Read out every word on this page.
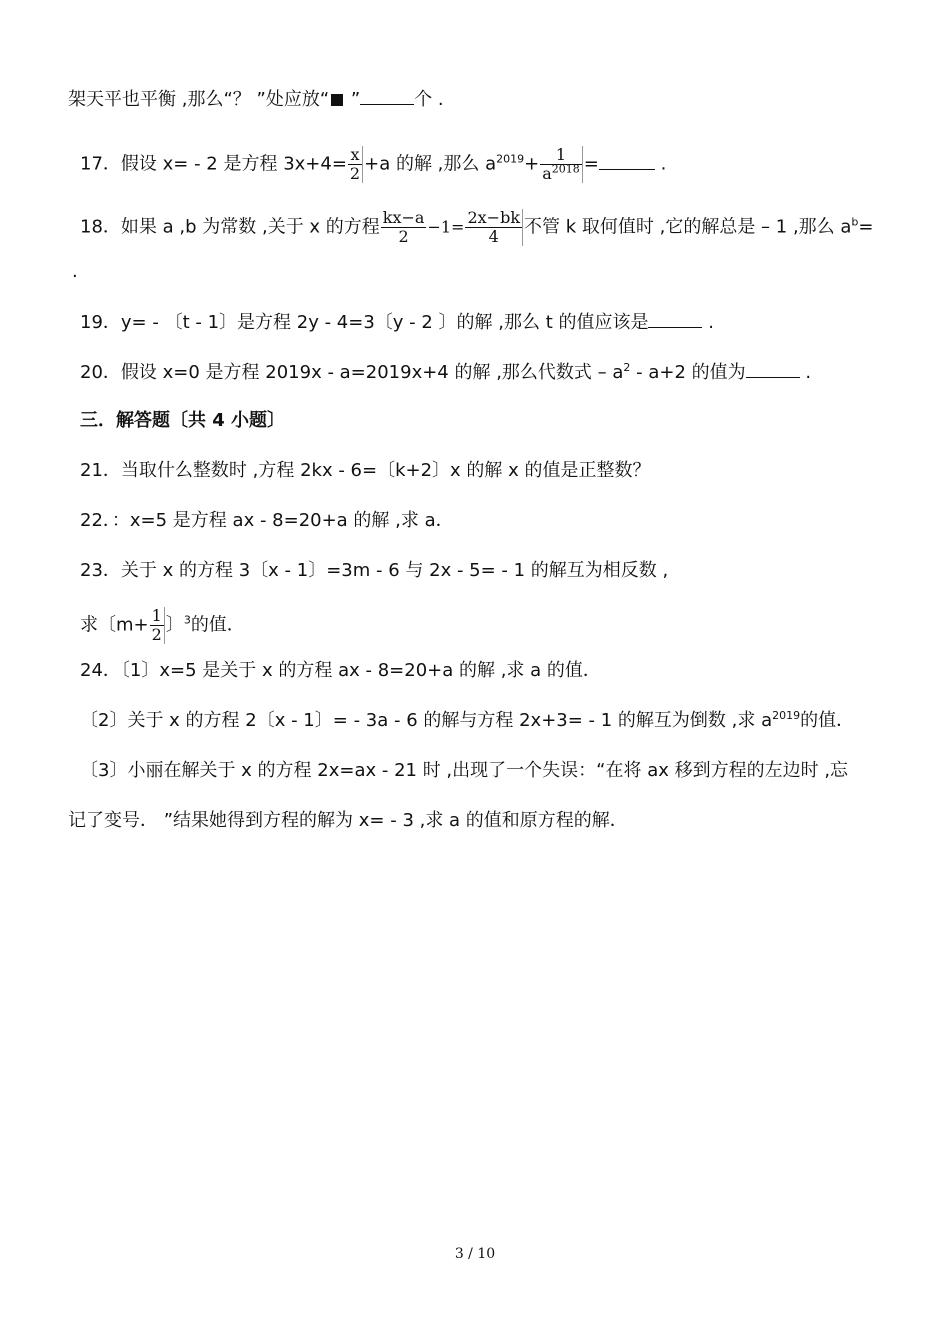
架天平也平衡 ,那么“？ ”处应放“ ”	个 .
17．假设 x= - 2 是方程 $3x+4= \frac{x}{2} +a$ 的解 ,那么 $a^{2019}+ \frac{1}{a^{2018}}$ =	.
18．如果 a ,b 为常数 ,关于 x 的方程 $\frac{kx-a}{2} -1= \frac{2x-bk}{4}$ 不管 k 取何值时 ,它的解总是 – 1 ,那么 $a^b=$
.
19．y= - 〔t - 1〕是方程 2y - 4=3〔y - 2 〕的解 ,那么 t 的值应该是	.
20．假设 x=0 是方程 2019x - a=2019x+4 的解 ,那么代数式 – $a^2 - a+2$ 的值为	.
三．解答题〔共 4 小题〕
21．当取什么整数时 ,方程 2kx - 6=〔k+2〕x 的解 x 的值是正整数？
22．：x=5 是方程 ax - 8=20+a 的解 ,求 a．
23．关于 x 的方程 3〔x - 1〕=3m - 6 与 2x - 5= - 1 的解互为相反数 ,
求〔$m+ \frac{1}{2}$ 〕$^3$的值．
24．〔1〕x=5 是关于 x 的方程 ax - 8=20+a 的解 ,求 a 的值．
〔2〕关于 x 的方程 2〔x - 1〕= - 3a - 6 的解与方程 2x+3= - 1 的解互为倒数 ,求 $a^{2019}$的值．
〔3〕小丽在解关于 x 的方程 2x=ax - 21 时 ,出现了一个失误：“在将 ax 移到方程的左边时 ,忘
记了变号． ”结果她得到方程的解为 x= - 3 ,求 a 的值和原方程的解．
3 / 10
